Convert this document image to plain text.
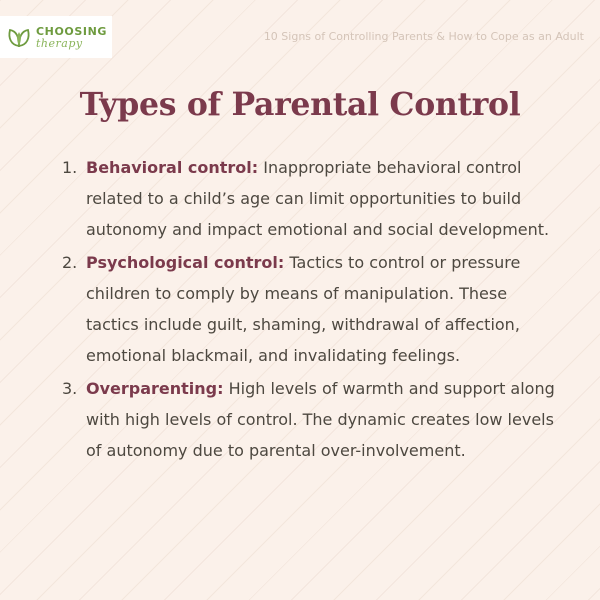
CHOOSING
therapy	10 Signs of Controlling Parents & How to Cope as an Adult
Types of Parental Control
1. Behavioral control: Inappropriate behavioral control related to a child’s age can limit opportunities to build autonomy and impact emotional and social development.
2. Psychological control: Tactics to control or pressure children to comply by means of manipulation. These tactics include guilt, shaming, withdrawal of affection, emotional blackmail, and invalidating feelings.
3. Overparenting: High levels of warmth and support along with high levels of control. The dynamic creates low levels of autonomy due to parental over-involvement.
